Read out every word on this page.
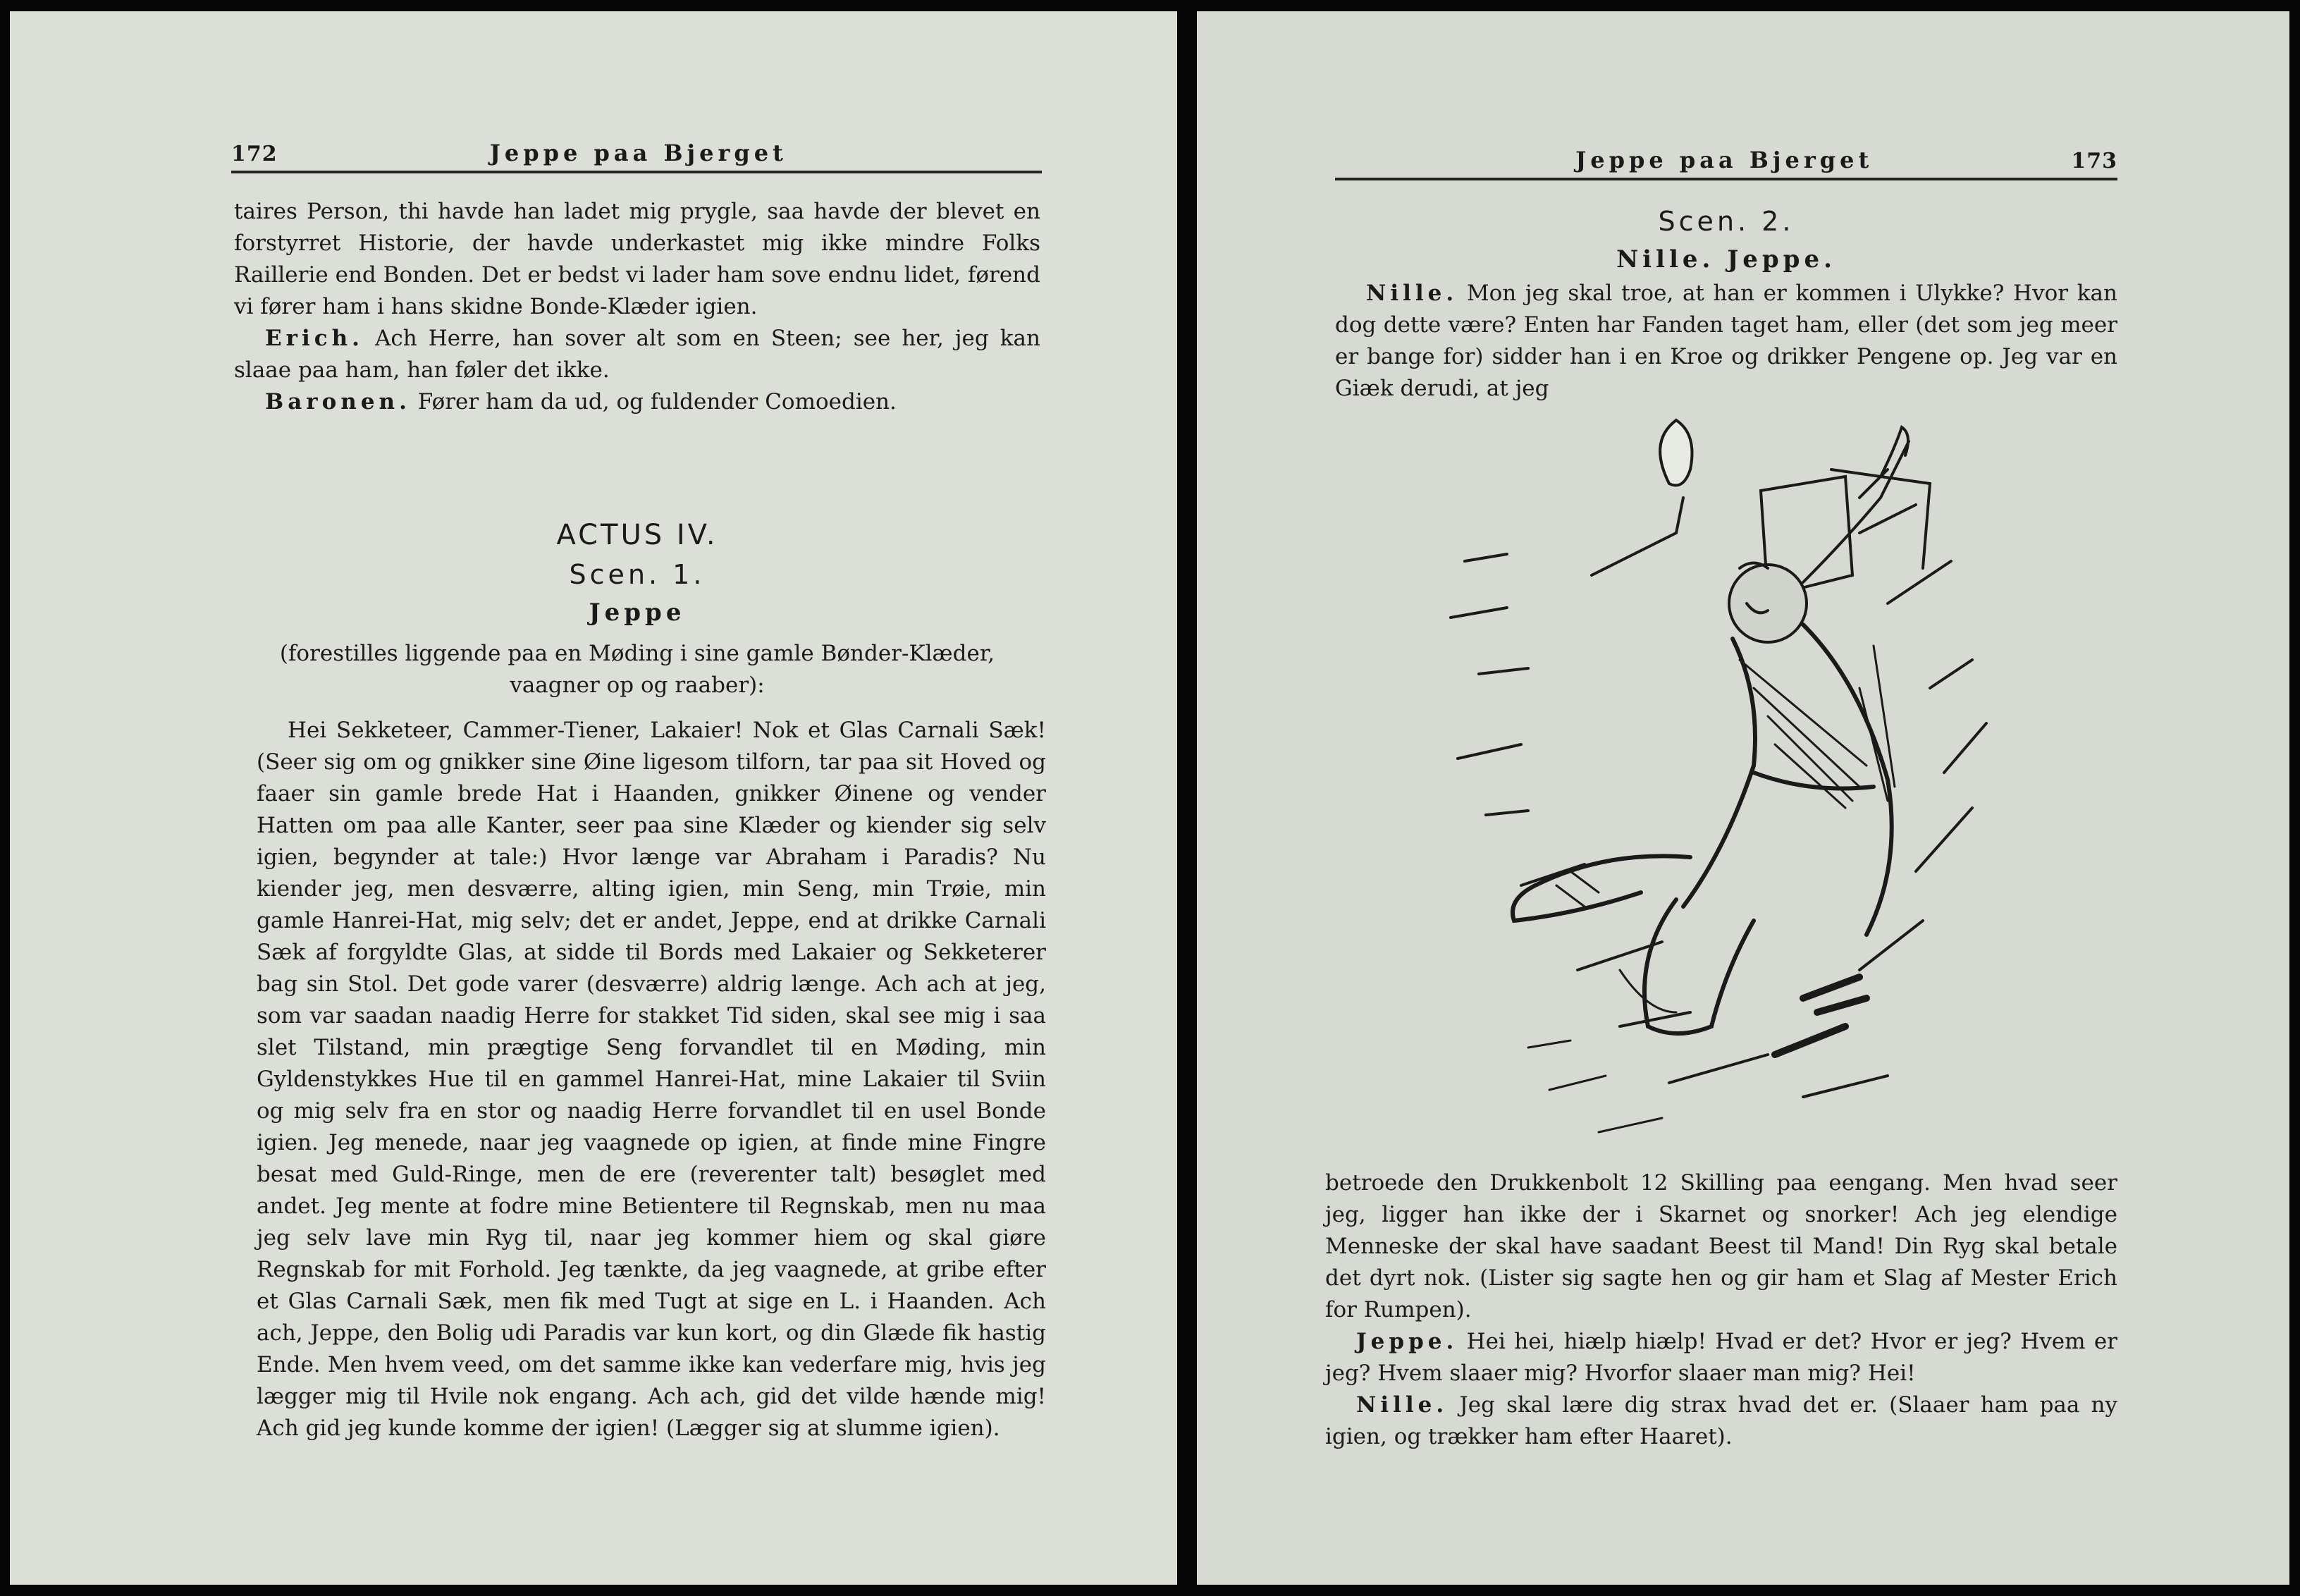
172	Jeppe paa Bjerget

taires Person, thi havde han ladet mig prygle, saa havde der blevet en forstyrret Historie, der havde underkastet mig ikke mindre Folks Raillerie end Bonden. Det er bedst vi lader ham sove endnu lidet, førend vi fører ham i hans skidne Bonde-Klæder igien.

Erich. Ach Herre, han sover alt som en Steen; see her, jeg kan slaae paa ham, han føler det ikke.

Baronen. Fører ham da ud, og fuldender Comoedien.

ACTUS IV.

Scen. 1.

Jeppe

(forestilles liggende paa en Møding i sine gamle Bønder-Klæder, vaagner op og raaber):

Hei Sekketeer, Cammer-Tiener, Lakaier! Nok et Glas Carnali Sæk! (Seer sig om og gnikker sine Øine ligesom tilforn, tar paa sit Hoved og faaer sin gamle brede Hat i Haanden, gnikker Øinene og vender Hatten om paa alle Kanter, seer paa sine Klæder og kiender sig selv igien, begynder at tale:) Hvor længe var Abraham i Paradis? Nu kiender jeg, men desværre, alting igien, min Seng, min Trøie, min gamle Hanrei-Hat, mig selv; det er andet, Jeppe, end at drikke Carnali Sæk af forgyldte Glas, at sidde til Bords med Lakaier og Sekketerer bag sin Stol. Det gode varer (desværre) aldrig længe. Ach ach at jeg, som var saadan naadig Herre for stakket Tid siden, skal see mig i saa slet Tilstand, min prægtige Seng forvandlet til en Møding, min Gyldenstykkes Hue til en gammel Hanrei-Hat, mine Lakaier til Sviin og mig selv fra en stor og naadig Herre forvandlet til en usel Bonde igien. Jeg menede, naar jeg vaagnede op igien, at finde mine Fingre besat med Guld-Ringe, men de ere (reverenter talt) besøglet med andet. Jeg mente at fodre mine Betientere til Regnskab, men nu maa jeg selv lave min Ryg til, naar jeg kommer hiem og skal giøre Regnskab for mit Forhold. Jeg tænkte, da jeg vaagnede, at gribe efter et Glas Carnali Sæk, men fik med Tugt at sige en L. i Haanden. Ach ach, Jeppe, den Bolig udi Paradis var kun kort, og din Glæde fik hastig Ende. Men hvem veed, om det samme ikke kan vederfare mig, hvis jeg lægger mig til Hvile nok engang. Ach ach, gid det vilde hænde mig! Ach gid jeg kunde komme der igien! (Lægger sig at slumme igien).

Jeppe paa Bjerget	173

Scen. 2.

Nille. Jeppe.

Nille. Mon jeg skal troe, at han er kommen i Ulykke? Hvor kan dog dette være? Enten har Fanden taget ham, eller (det som jeg meer er bange for) sidder han i en Kroe og drikker Pengene op. Jeg var en Giæk derudi, at jeg

betroede den Drukkenbolt 12 Skilling paa eengang. Men hvad seer jeg, ligger han ikke der i Skarnet og snorker! Ach jeg elendige Menneske der skal have saadant Beest til Mand! Din Ryg skal betale det dyrt nok. (Lister sig sagte hen og gir ham et Slag af Mester Erich for Rumpen).

Jeppe. Hei hei, hiælp hiælp! Hvad er det? Hvor er jeg? Hvem er jeg? Hvem slaaer mig? Hvorfor slaaer man mig? Hei!

Nille. Jeg skal lære dig strax hvad det er. (Slaaer ham paa ny igien, og trækker ham efter Haaret).
